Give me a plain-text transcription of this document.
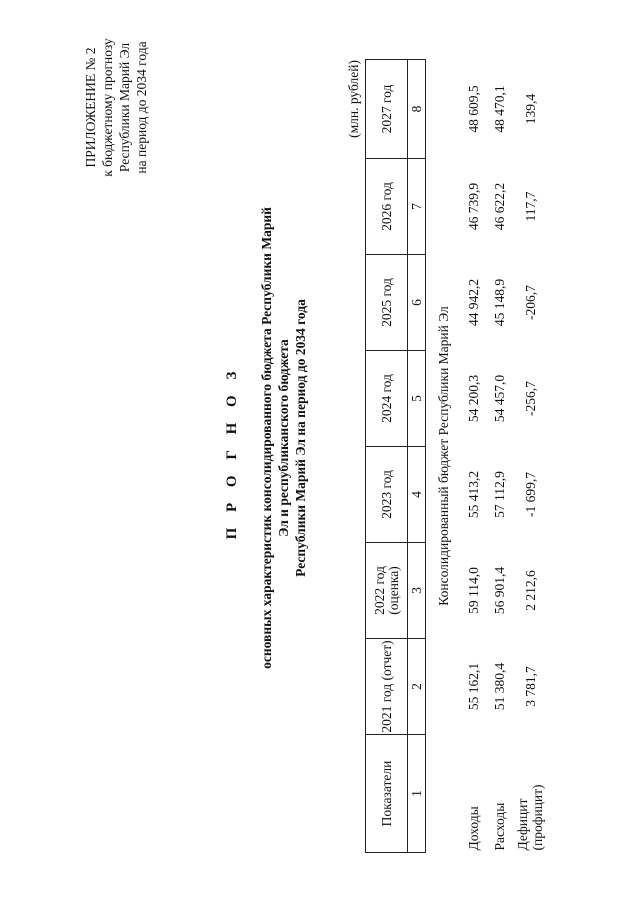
ПРИЛОЖЕНИЕ № 2 к бюджетному прогнозу Республики Марий Эл на период до 2034 года
П Р О Г Н О З основных характеристик консолидированного бюджета Республики Марий Эл и республиканского бюджета Республики Марий Эл на период до 2034 года
(млн. рублей)
Показатели	2021 год (отчет)	2022 год (оценка)	2023 год	2024 год	2025 год	2026 год	2027 год
1	2	3	4	5	6	7	8
Консолидированный бюджет Республики Марий Эл							
Доходы	55 162,1	59 114,0	55 413,2	54 200,3	44 942,2	46 739,9	48 609,5
Расходы	51 380,4	56 901,4	57 112,9	54 457,0	45 148,9	46 622,2	48 470,1
Дефицит (профицит)	3 781,7	2 212,6	-1 699,7	-256,7	-206,7	117,7	139,4
